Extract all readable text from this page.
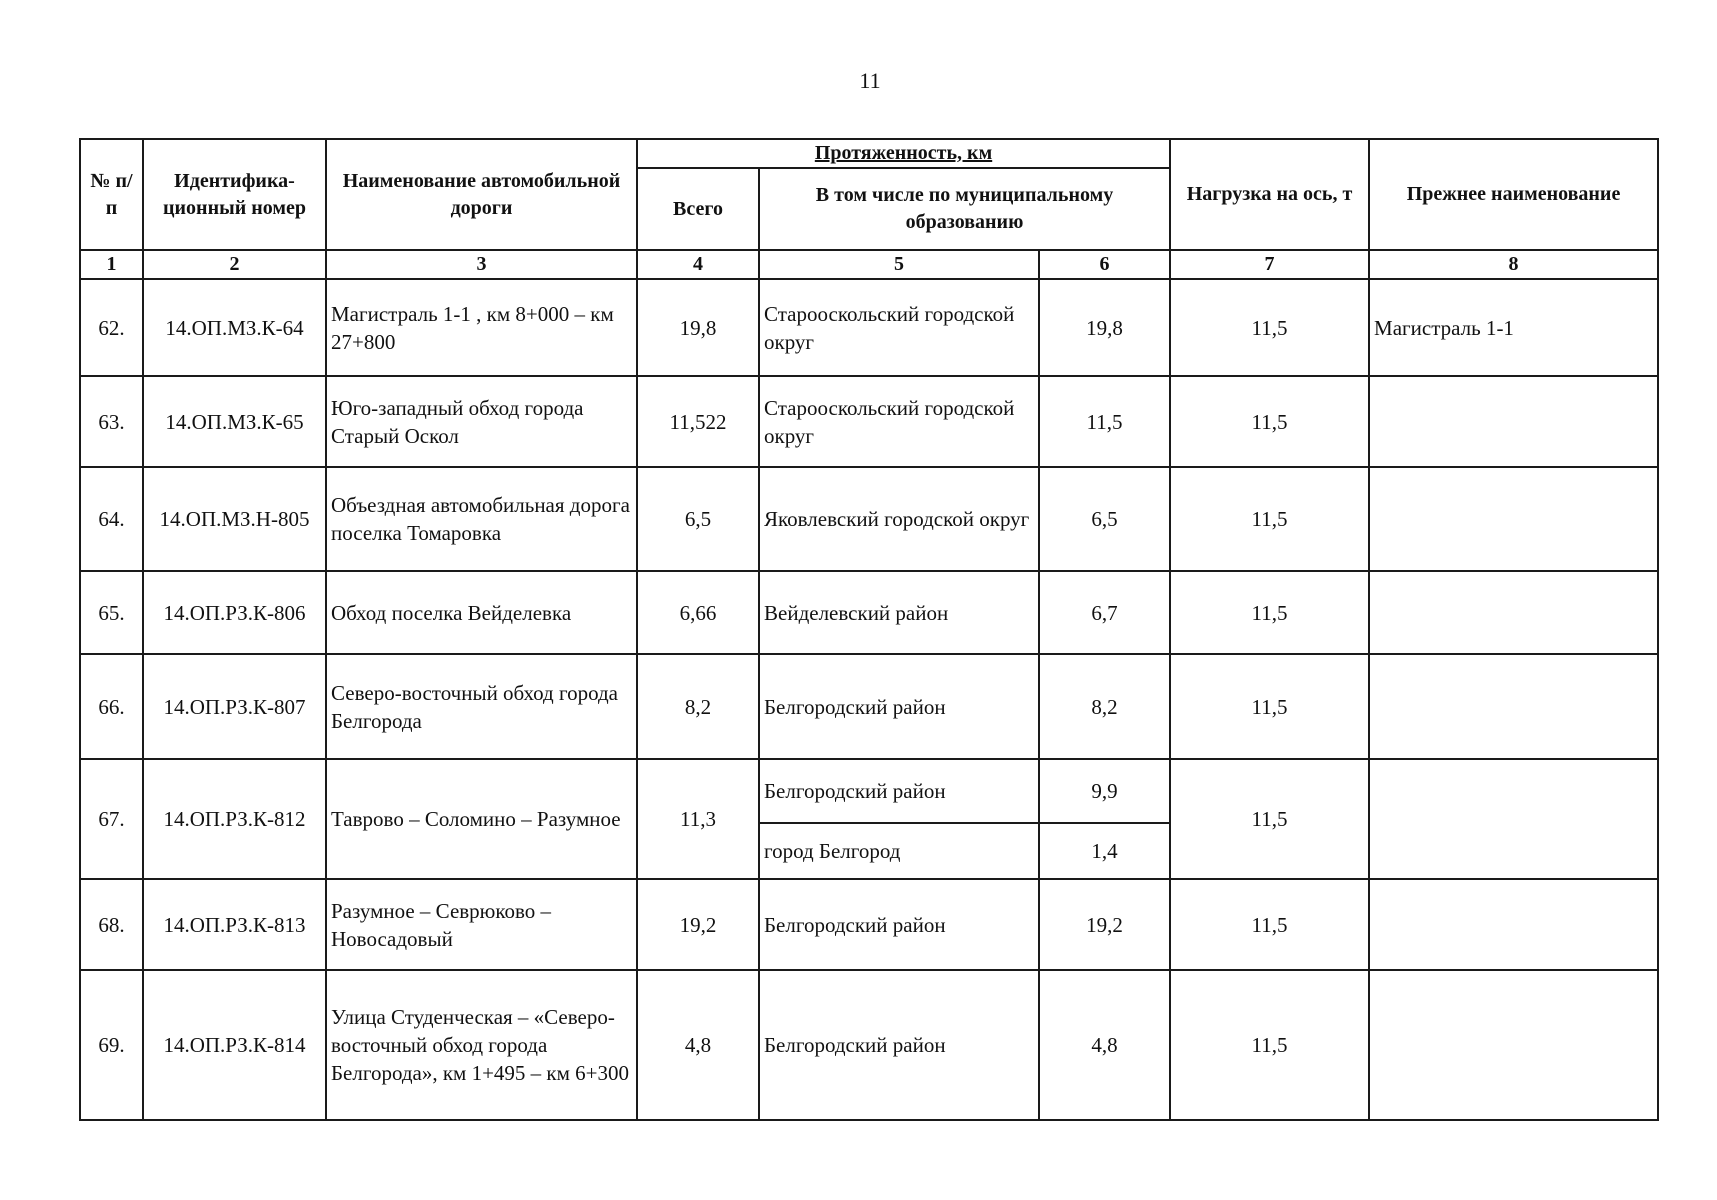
11
№ п/п	Идентифика-ционный номер	Наименование автомобильной дороги	Протяженность, км			Нагрузка на ось, т	Прежнее наименование
			Всего	В том числе по муниципальному образованию			
1	2	3	4	5	6	7	8
62.	14.ОП.МЗ.К-64	Магистраль 1-1 , км 8+000 – км 27+800	19,8	Старооскольский городской округ	19,8	11,5	Магистраль 1-1
63.	14.ОП.МЗ.К-65	Юго-западный обход города Старый Оскол	11,522	Старооскольский городской округ	11,5	11,5	
64.	14.ОП.МЗ.Н-805	Объездная автомобильная дорога поселка Томаровка	6,5	Яковлевский городской округ	6,5	11,5	
65.	14.ОП.РЗ.К-806	Обход поселка Вейделевка	6,66	Вейделевский район	6,7	11,5	
66.	14.ОП.РЗ.К-807	Северо-восточный обход города Белгорода	8,2	Белгородский район	8,2	11,5	
67.	14.ОП.РЗ.К-812	Таврово – Соломино – Разумное	11,3	Белгородский район	9,9	11,5	
				город Белгород	1,4		
68.	14.ОП.РЗ.К-813	Разумное – Севрюково – Новосадовый	19,2	Белгородский район	19,2	11,5	
69.	14.ОП.РЗ.К-814	Улица Студенческая – «Северо-восточный обход города Белгорода», км 1+495 – км 6+300	4,8	Белгородский район	4,8	11,5	
